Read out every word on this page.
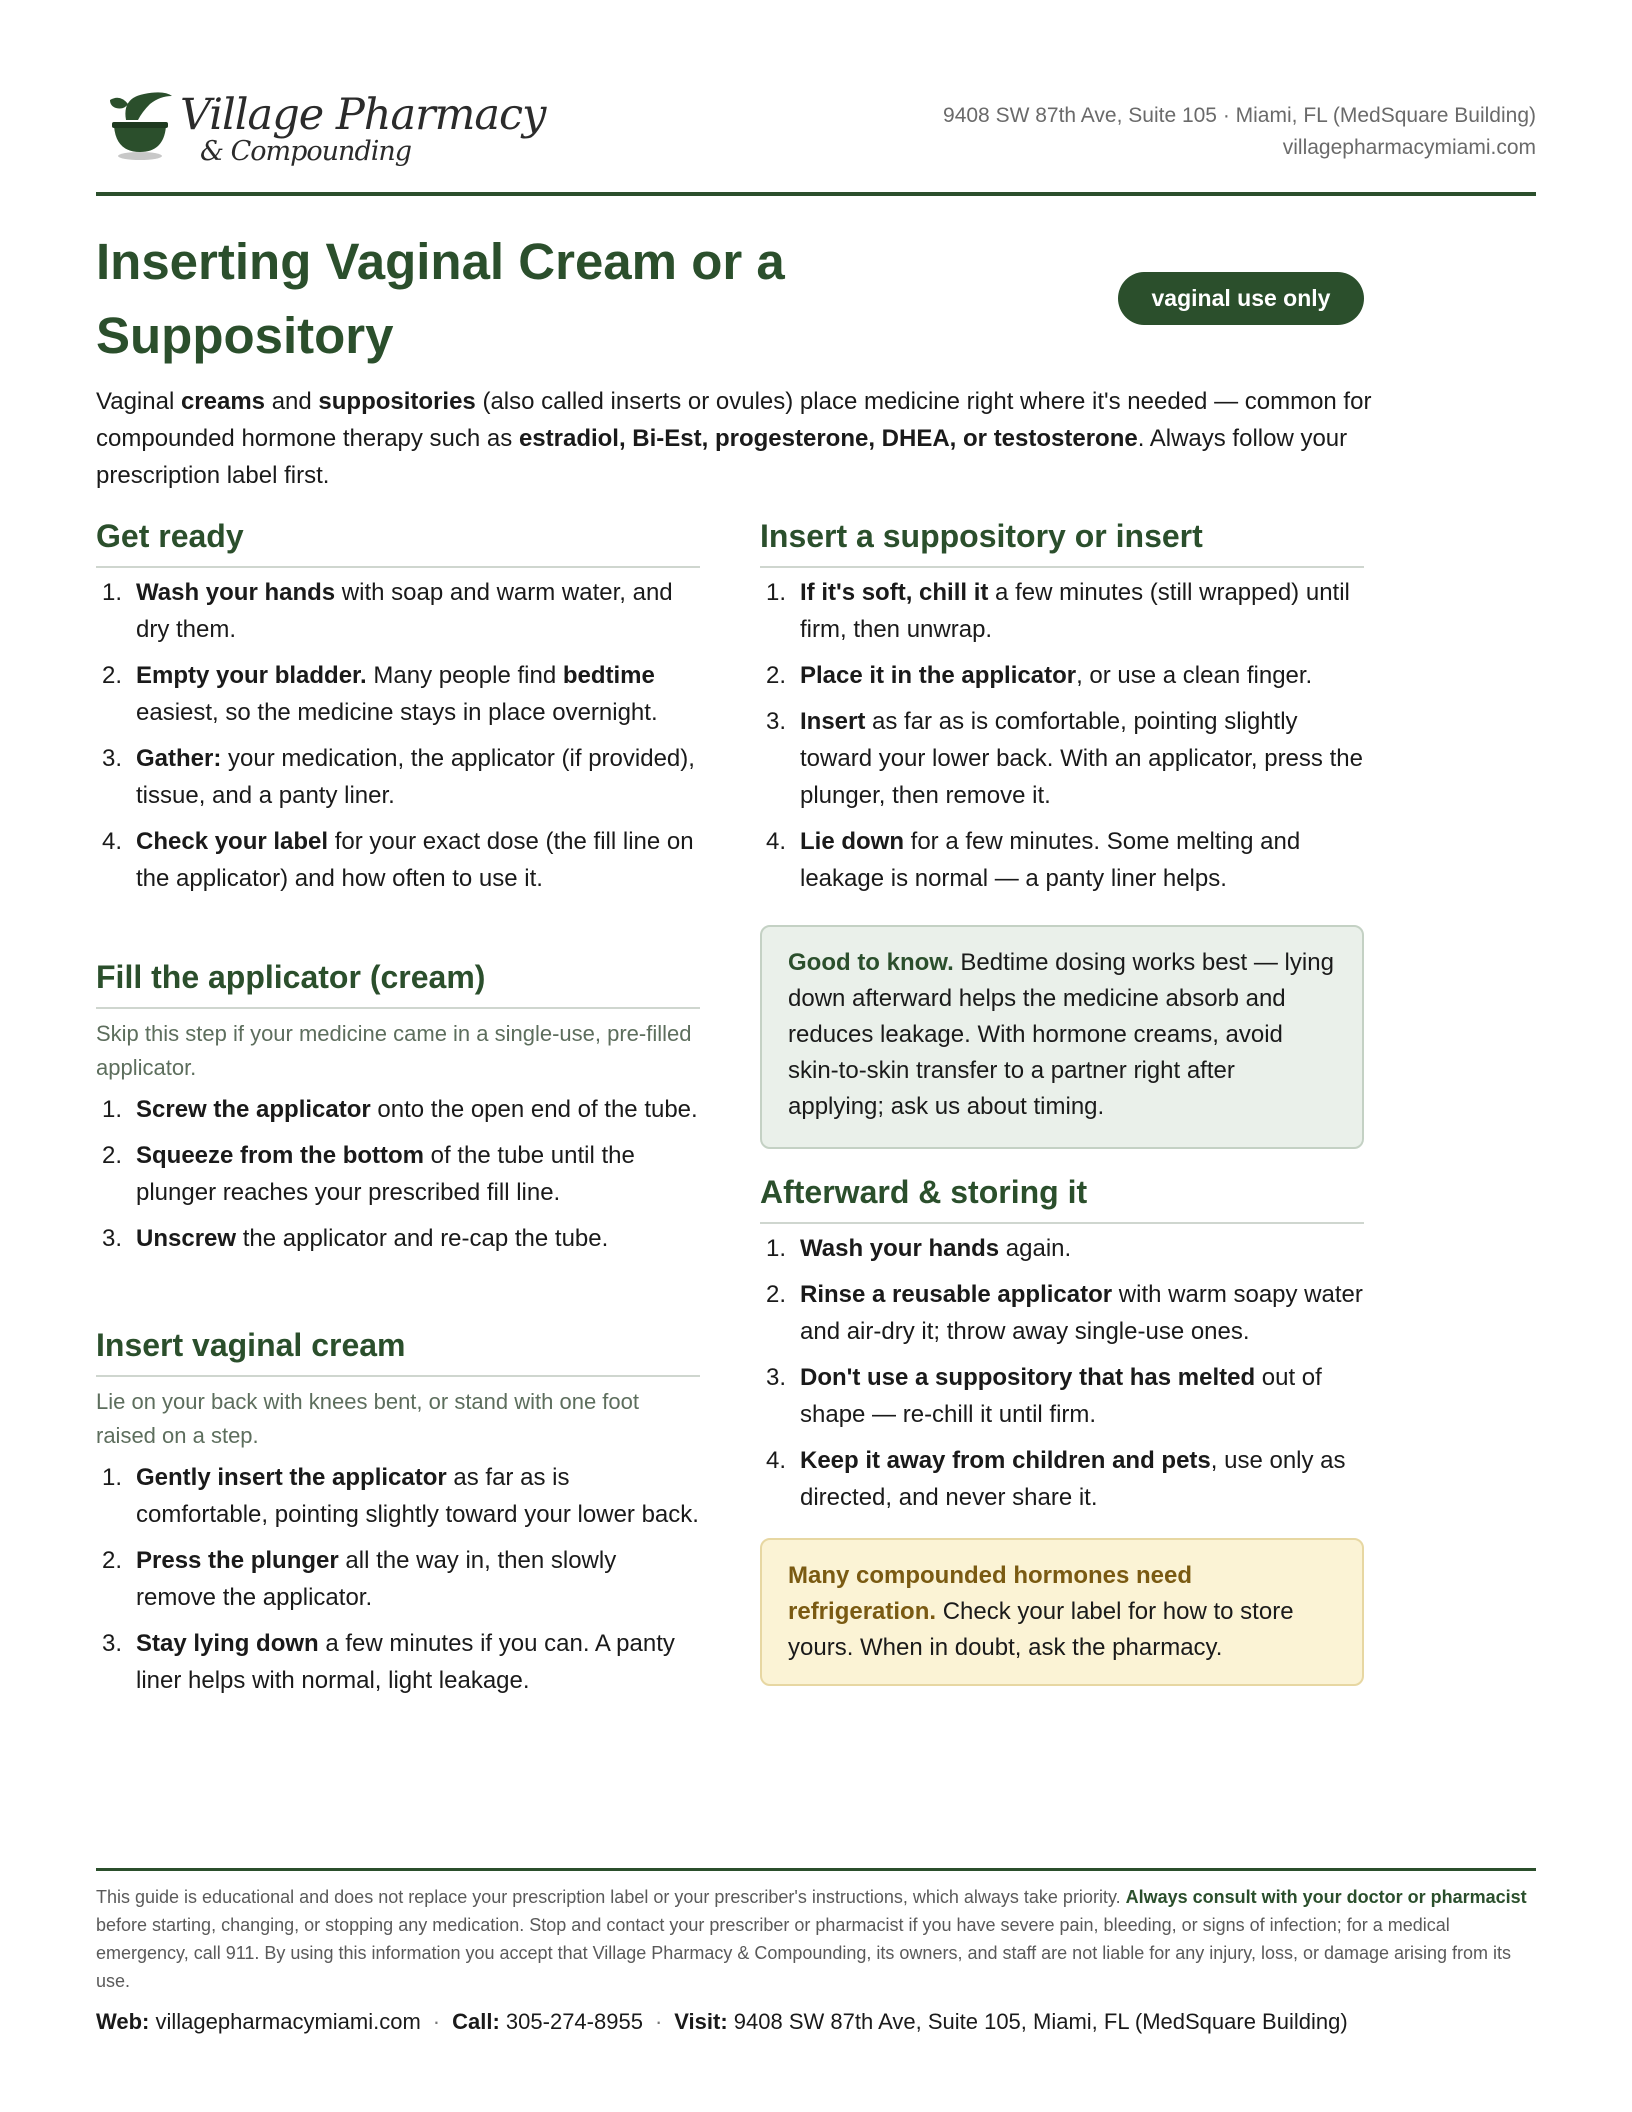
Village Pharmacy
& Compounding
9408 SW 87th Ave, Suite 105 · Miami, FL (MedSquare Building)
villagepharmacymiami.com
Inserting Vaginal Cream or a Suppository
vaginal use only

Vaginal creams and suppositories (also called inserts or ovules) place medicine right where it's needed — common for compounded hormone therapy such as estradiol, Bi-Est, progesterone, DHEA, or testosterone. Always follow your prescription label first.

Get ready
1. Wash your hands with soap and warm water, and dry them.
2. Empty your bladder. Many people find bedtime easiest, so the medicine stays in place overnight.
3. Gather: your medication, the applicator (if provided), tissue, and a panty liner.
4. Check your label for your exact dose (the fill line on the applicator) and how often to use it.
Fill the applicator (cream)

Skip this step if your medicine came in a single-use, pre-filled applicator.

1. Screw the applicator onto the open end of the tube.
2. Squeeze from the bottom of the tube until the plunger reaches your prescribed fill line.
3. Unscrew the applicator and re-cap the tube.
Insert vaginal cream

Lie on your back with knees bent, or stand with one foot raised on a step.

1. Gently insert the applicator as far as is comfortable, pointing slightly toward your lower back.
2. Press the plunger all the way in, then slowly remove the applicator.
3. Stay lying down a few minutes if you can. A panty liner helps with normal, light leakage.
Insert a suppository or insert
1. If it's soft, chill it a few minutes (still wrapped) until firm, then unwrap.
2. Place it in the applicator, or use a clean finger.
3. Insert as far as is comfortable, pointing slightly toward your lower back. With an applicator, press the plunger, then remove it.
4. Lie down for a few minutes. Some melting and leakage is normal — a panty liner helps.
Good to know. Bedtime dosing works best — lying down afterward helps the medicine absorb and reduces leakage. With hormone creams, avoid skin-to-skin transfer to a partner right after applying; ask us about timing.
Afterward & storing it
1. Wash your hands again.
2. Rinse a reusable applicator with warm soapy water and air-dry it; throw away single-use ones.
3. Don't use a suppository that has melted out of shape — re-chill it until firm.
4. Keep it away from children and pets, use only as directed, and never share it.
Many compounded hormones need refrigeration. Check your label for how to store yours. When in doubt, ask the pharmacy.

This guide is educational and does not replace your prescription label or your prescriber's instructions, which always take priority. Always consult with your doctor or pharmacist before starting, changing, or stopping any medication. Stop and contact your prescriber or pharmacist if you have severe pain, bleeding, or signs of infection; for a medical emergency, call 911. By using this information you accept that Village Pharmacy & Compounding, its owners, and staff are not liable for any injury, loss, or damage arising from its use.

Web: villagepharmacymiami.com · Call: 305-274-8955 · Visit: 9408 SW 87th Ave, Suite 105, Miami, FL (MedSquare Building)
